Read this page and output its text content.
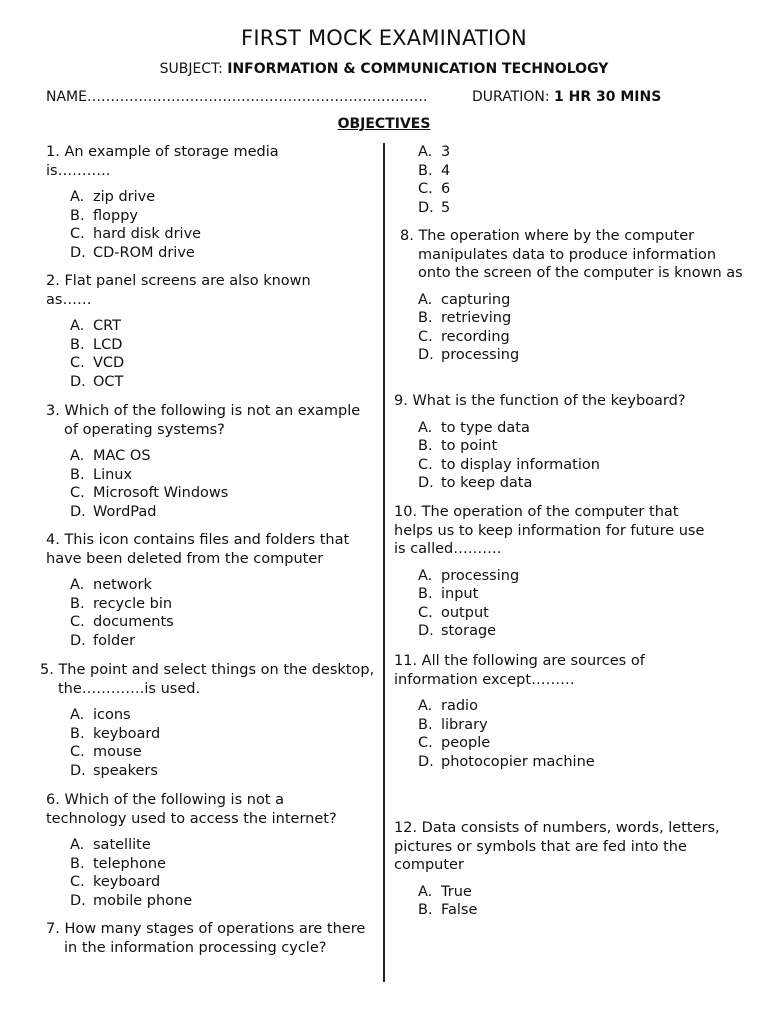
FIRST MOCK EXAMINATION
SUBJECT: INFORMATION & COMMUNICATION TECHNOLOGY
NAME……………………………………………………………….	DURATION: 1 HR 30 MINS
OBJECTIVES
1. An example of storage media is………..
A. zip drive
B. floppy
C. hard disk drive
D. CD-ROM drive
2. Flat panel screens are also known as……
A. CRT
B. LCD
C. VCD
D. OCT
3. Which of the following is not an example of operating systems?
A. MAC OS
B. Linux
C. Microsoft Windows
D. WordPad
4. This icon contains files and folders that have been deleted from the computer
A. network
B. recycle bin
C. documents
D. folder
5. The point and select things on the desktop, the………….is used.
A. icons
B. keyboard
C. mouse
D. speakers
6. Which of the following is not a technology used to access the internet?
A. satellite
B. telephone
C. keyboard
D. mobile phone
7. How many stages of operations are there in the information processing cycle?
A. 3
B. 4
C. 6
D. 5
8. The operation where by the computer manipulates data to produce information onto the screen of the computer is known as
A. capturing
B. retrieving
C. recording
D. processing
9. What is the function of the keyboard?
A. to type data
B. to point
C. to display information
D. to keep data
10. The operation of the computer that helps us to keep information for future use is called……….
A. processing
B. input
C. output
D. storage
11. All the following are sources of information except………
A. radio
B. library
C. people
D. photocopier machine
12. Data consists of numbers, words, letters, pictures or symbols that are fed into the computer
A. True
B. False
